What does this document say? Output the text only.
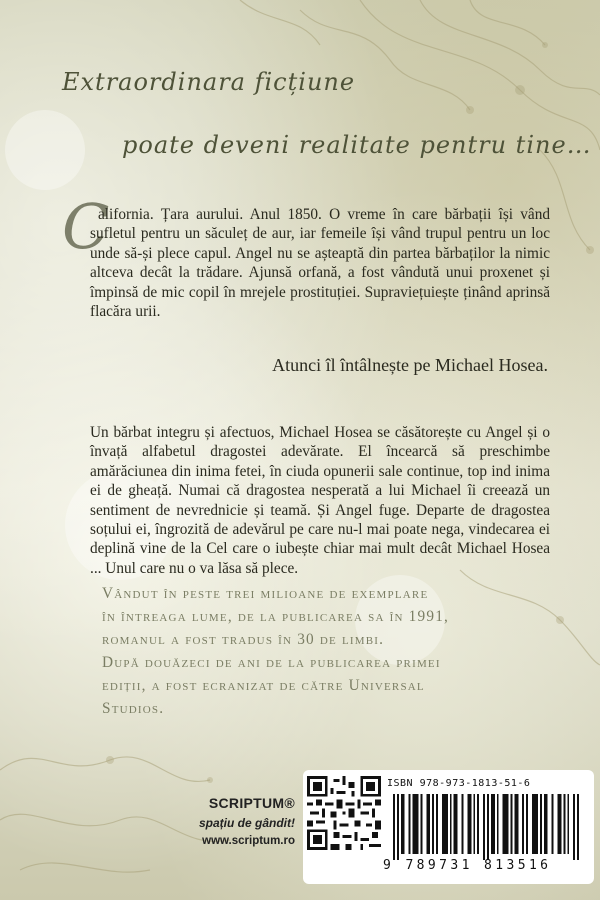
Extraordinara ficțiune
poate deveni realitate pentru tine…
C

alifornia. Țara aurului. Anul 1850. O vreme în care bărbații își vând sufletul pentru un săculeț de aur, iar femeile își vând trupul pentru un loc unde să-și plece capul. Angel nu se așteaptă din partea bărbaților la nimic altceva decât la trădare. Ajunsă orfană, a fost vândută unui proxenet și împinsă de mic copil în mrejele prostituției. Supraviețuiește ținând aprinsă flacăra urii.

Atunci îl întâlnește pe Michael Hosea.

Un bărbat integru și afectuos, Michael Hosea se căsătorește cu Angel și o învață alfabetul dragostei adevărate. El încearcă să preschimbe amărăciunea din inima fetei, în ciuda opunerii sale continue, top ind inima ei de gheață. Numai că dragostea nesperată a lui Michael îi creează un sentiment de nevrednicie și teamă. Și Angel fuge. Departe de dragostea soțului ei, îngrozită de adevărul pe care nu-l mai poate nega, vindecarea ei deplină vine de la Cel care o iubește chiar mai mult decât Michael Hosea ... Unul care nu o va lăsa să plece.

Vândut în peste trei milioane de exemplare
în întreaga lume, de la publicarea sa în 1991,
romanul a fost tradus în 30 de limbi.
După douăzeci de ani de la publicarea primei
ediții, a fost ecranizat de către Universal
Studios.
SCRIPTUM®
spațiu de gândit!
www.scriptum.ro
ISBN 978-973-1813-51-6
9 789731 813516
